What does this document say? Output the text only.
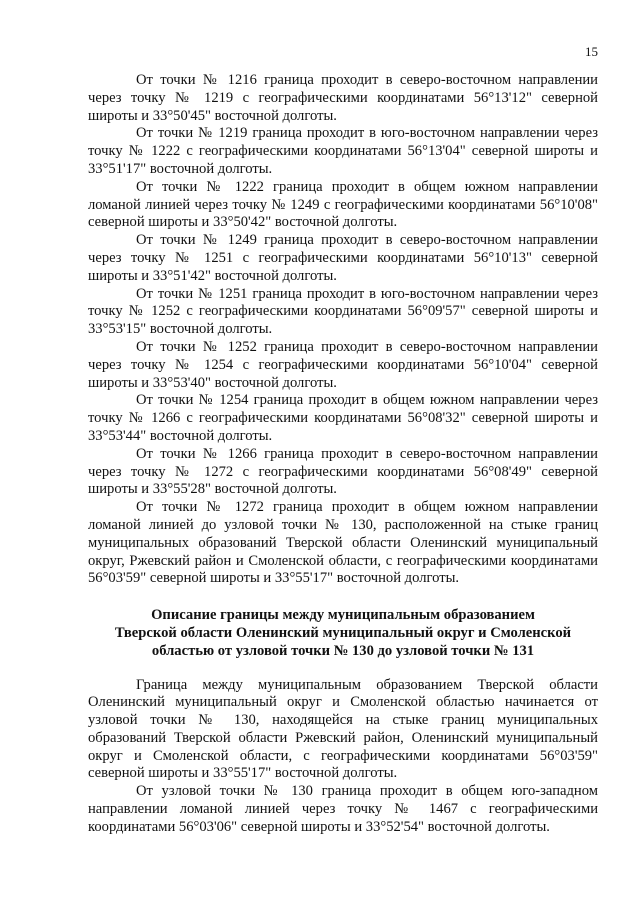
15

От точки № 1216 граница проходит в северо-восточном направлении через точку № 1219 с географическими координатами 56°13'12" северной широты и 33°50'45" восточной долготы.

От точки № 1219 граница проходит в юго-восточном направлении через точку № 1222 с географическими координатами 56°13'04" северной широты и 33°51'17" восточной долготы.

От точки № 1222 граница проходит в общем южном направлении ломаной линией через точку № 1249 с географическими координатами 56°10'08" северной широты и 33°50'42" восточной долготы.

От точки № 1249 граница проходит в северо-восточном направлении через точку № 1251 с географическими координатами 56°10'13" северной широты и 33°51'42" восточной долготы.

От точки № 1251 граница проходит в юго-восточном направлении через точку № 1252 с географическими координатами 56°09'57" северной широты и 33°53'15" восточной долготы.

От точки № 1252 граница проходит в северо-восточном направлении через точку № 1254 с географическими координатами 56°10'04" северной широты и 33°53'40" восточной долготы.

От точки № 1254 граница проходит в общем южном направлении через точку № 1266 с географическими координатами 56°08'32" северной широты и 33°53'44" восточной долготы.

От точки № 1266 граница проходит в северо-восточном направлении через точку № 1272 с географическими координатами 56°08'49" северной широты и 33°55'28" восточной долготы.

От точки № 1272 граница проходит в общем южном направлении ломаной линией до узловой точки № 130, расположенной на стыке границ муниципальных образований Тверской области Оленинский муниципальный округ, Ржевский район и Смоленской области, с географическими координатами 56°03'59" северной широты и 33°55'17" восточной долготы.

Описание границы между муниципальным образованием
Тверской области Оленинский муниципальный округ и Смоленской
областью от узловой точки № 130 до узловой точки № 131

Граница между муниципальным образованием Тверской области Оленинский муниципальный округ и Смоленской областью начинается от узловой точки № 130, находящейся на стыке границ муниципальных образований Тверской области Ржевский район, Оленинский муниципальный округ и Смоленской области, с географическими координатами 56°03'59" северной широты и 33°55'17" восточной долготы.

От узловой точки № 130 граница проходит в общем юго-западном направлении ломаной линией через точку № 1467 с географическими координатами 56°03'06" северной широты и 33°52'54" восточной долготы.
